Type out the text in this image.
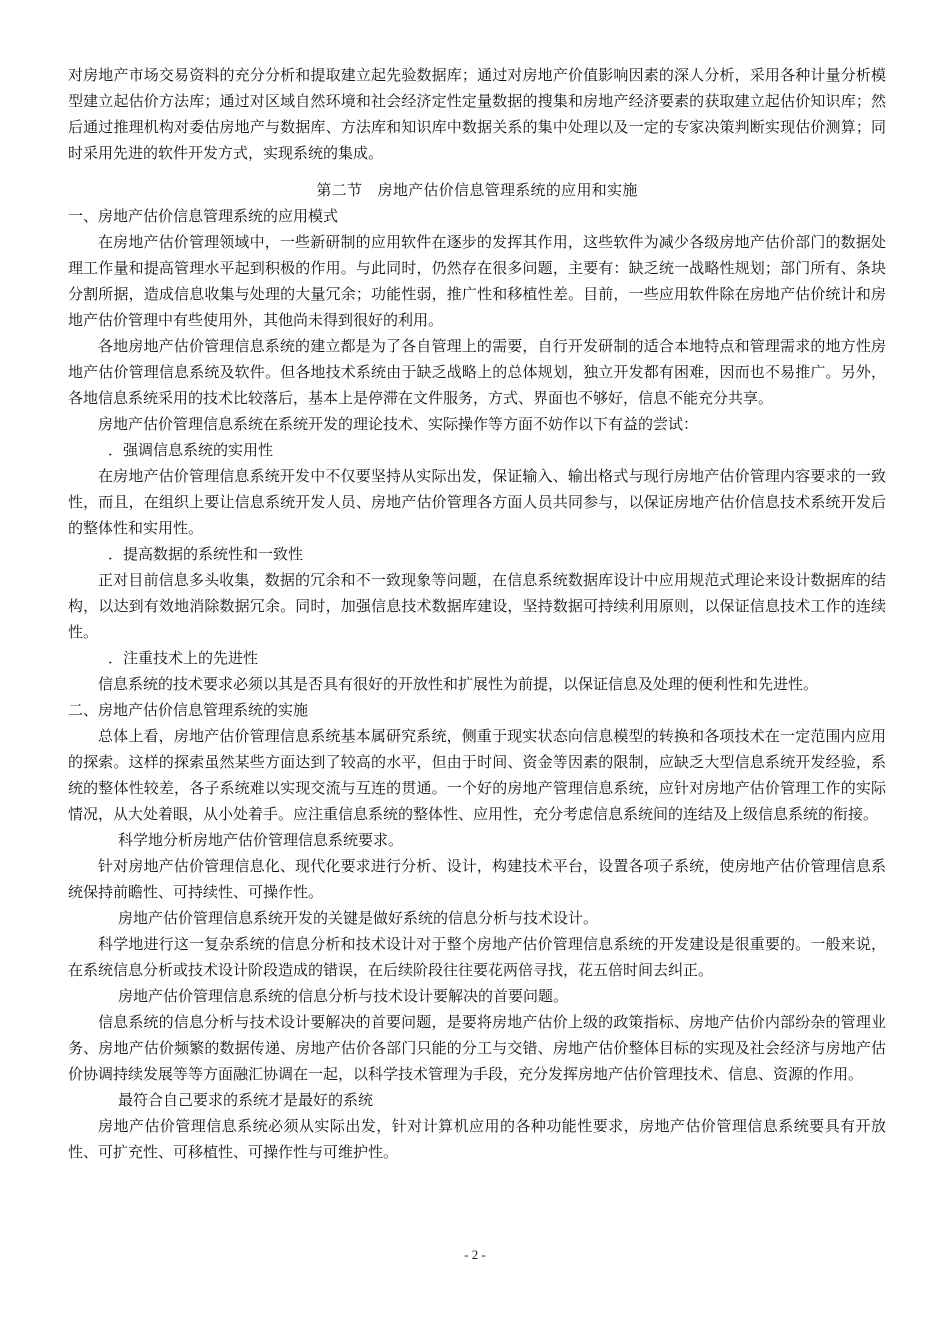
对房地产市场交易资料的充分分析和提取建立起先验数据库；通过对房地产价值影响因素的深人分析，采用各种计量分析模型建立起估价方法库；通过对区域自然环境和社会经济定性定量数据的搜集和房地产经济要素的获取建立起估价知识库；然后通过推理机构对委估房地产与数据库、方法库和知识库中数据关系的集中处理以及一定的专家决策判断实现估价测算；同时采用先进的软件开发方式，实现系统的集成。

第二节　房地产估价信息管理系统的应用和实施

一、房地产估价信息管理系统的应用模式

在房地产估价管理领域中，一些新研制的应用软件在逐步的发挥其作用，这些软件为减少各级房地产估价部门的数据处理工作量和提高管理水平起到积极的作用。与此同时，仍然存在很多问题，主要有：缺乏统一战略性规划；部门所有、条块分割所据，造成信息收集与处理的大量冗余；功能性弱，推广性和移植性差。目前，一些应用软件除在房地产估价统计和房地产估价管理中有些使用外，其他尚未得到很好的利用。

各地房地产估价管理信息系统的建立都是为了各自管理上的需要，自行开发研制的适合本地特点和管理需求的地方性房地产估价管理信息系统及软件。但各地技术系统由于缺乏战略上的总体规划，独立开发都有困难，因而也不易推广。另外，各地信息系统采用的技术比较落后，基本上是停滞在文件服务，方式、界面也不够好，信息不能充分共享。

房地产估价管理信息系统在系统开发的理论技术、实际操作等方面不妨作以下有益的尝试：

．强调信息系统的实用性

在房地产估价管理信息系统开发中不仅要坚持从实际出发，保证输入、输出格式与现行房地产估价管理内容要求的一致性，而且，在组织上要让信息系统开发人员、房地产估价管理各方面人员共同参与，以保证房地产估价信息技术系统开发后的整体性和实用性。

．提高数据的系统性和一致性

正对目前信息多头收集，数据的冗余和不一致现象等问题，在信息系统数据库设计中应用规范式理论来设计数据库的结构，以达到有效地消除数据冗余。同时，加强信息技术数据库建设，坚持数据可持续利用原则，以保证信息技术工作的连续性。

．注重技术上的先进性

信息系统的技术要求必须以其是否具有很好的开放性和扩展性为前提，以保证信息及处理的便利性和先进性。

二、房地产估价信息管理系统的实施

总体上看，房地产估价管理信息系统基本属研究系统，侧重于现实状态向信息模型的转换和各项技术在一定范围内应用的探索。这样的探索虽然某些方面达到了较高的水平，但由于时间、资金等因素的限制，应缺乏大型信息系统开发经验，系统的整体性较差，各子系统难以实现交流与互连的贯通。一个好的房地产管理信息系统，应针对房地产估价管理工作的实际情况，从大处着眼，从小处着手。应注重信息系统的整体性、应用性，充分考虑信息系统间的连结及上级信息系统的衔接。

科学地分析房地产估价管理信息系统要求。

针对房地产估价管理信息化、现代化要求进行分析、设计，构建技术平台，设置各项子系统，使房地产估价管理信息系统保持前瞻性、可持续性、可操作性。

房地产估价管理信息系统开发的关键是做好系统的信息分析与技术设计。

科学地进行这一复杂系统的信息分析和技术设计对于整个房地产估价管理信息系统的开发建设是很重要的。一般来说，在系统信息分析或技术设计阶段造成的错误，在后续阶段往往要花两倍寻找，花五倍时间去纠正。

房地产估价管理信息系统的信息分析与技术设计要解决的首要问题。

信息系统的信息分析与技术设计要解决的首要问题，是要将房地产估价上级的政策指标、房地产估价内部纷杂的管理业务、房地产估价频繁的数据传递、房地产估价各部门只能的分工与交错、房地产估价整体目标的实现及社会经济与房地产估价协调持续发展等等方面融汇协调在一起，以科学技术管理为手段，充分发挥房地产估价管理技术、信息、资源的作用。

最符合自己要求的系统才是最好的系统

房地产估价管理信息系统必须从实际出发，针对计算机应用的各种功能性要求，房地产估价管理信息系统要具有开放性、可扩充性、可移植性、可操作性与可维护性。

- 2 -
